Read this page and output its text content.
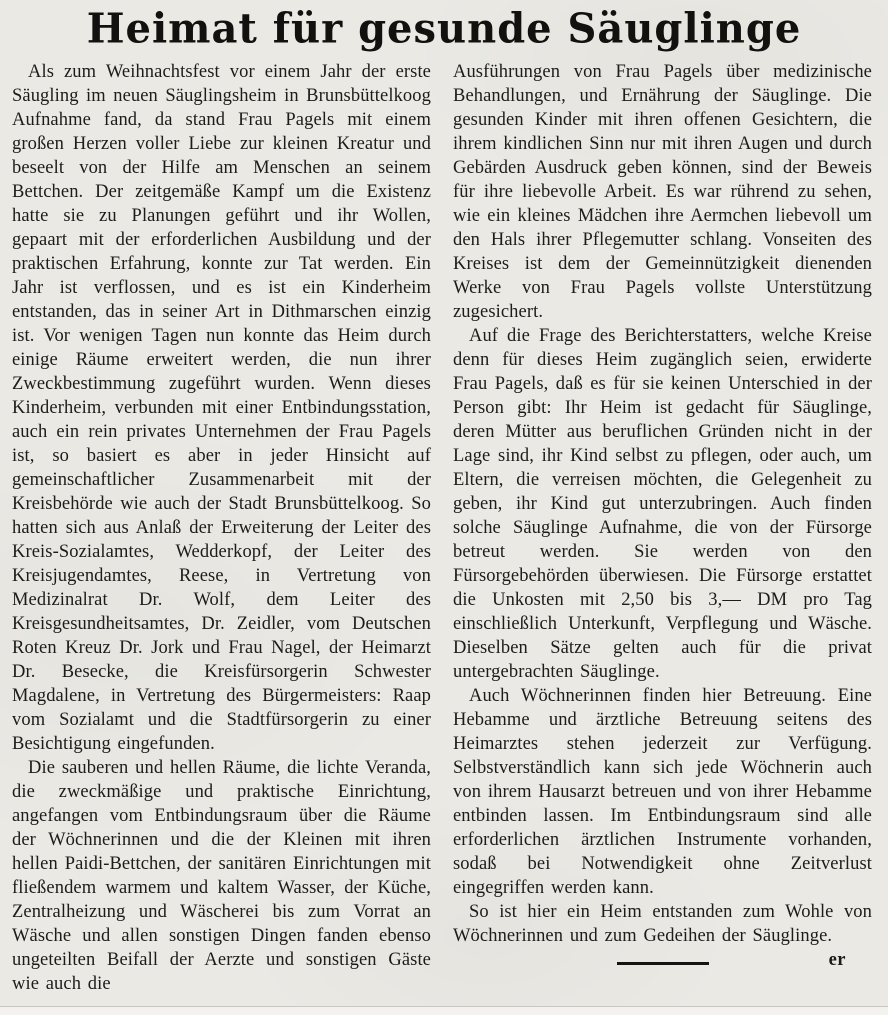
Heimat für gesunde Säuglinge

Als zum Weihnachtsfest vor einem Jahr der erste Säugling im neuen Säuglingsheim in Brunsbüttelkoog Aufnahme fand, da stand Frau Pagels mit einem großen Herzen voller Liebe zur kleinen Kreatur und beseelt von der Hilfe am Menschen an seinem Bettchen. Der zeitgemäße Kampf um die Existenz hatte sie zu Planungen geführt und ihr Wollen, gepaart mit der erforderlichen Ausbildung und der praktischen Erfahrung, konnte zur Tat werden. Ein Jahr ist verflossen, und es ist ein Kinderheim entstanden, das in seiner Art in Dithmarschen einzig ist. Vor wenigen Tagen nun konnte das Heim durch einige Räume erweitert werden, die nun ihrer Zweckbestimmung zugeführt wurden. Wenn dieses Kinderheim, verbunden mit einer Entbindungsstation, auch ein rein privates Unternehmen der Frau Pagels ist, so basiert es aber in jeder Hinsicht auf gemeinschaftlicher Zusammenarbeit mit der Kreisbehörde wie auch der Stadt Brunsbüttelkoog. So hatten sich aus Anlaß der Erweiterung der Leiter des Kreis-Sozialamtes, Wedderkopf, der Leiter des Kreisjugendamtes, Reese, in Vertretung von Medizinalrat Dr. Wolf, dem Leiter des Kreisgesundheitsamtes, Dr. Zeidler, vom Deutschen Roten Kreuz Dr. Jork und Frau Nagel, der Heimarzt Dr. Besecke, die Kreisfürsorgerin Schwester Magdalene, in Vertretung des Bürgermeisters: Raap vom Sozialamt und die Stadtfürsorgerin zu einer Besichtigung eingefunden.

Die sauberen und hellen Räume, die lichte Veranda, die zweckmäßige und praktische Einrichtung, angefangen vom Entbindungsraum über die Räume der Wöchnerinnen und die der Kleinen mit ihren hellen Paidi-Bettchen, der sanitären Einrichtungen mit fließendem warmem und kaltem Wasser, der Küche, Zentralheizung und Wäscherei bis zum Vorrat an Wäsche und allen sonstigen Dingen fanden ebenso ungeteilten Beifall der Aerzte und sonstigen Gäste wie auch die

Ausführungen von Frau Pagels über medizinische Behandlungen, und Ernährung der Säuglinge. Die gesunden Kinder mit ihren offenen Gesichtern, die ihrem kindlichen Sinn nur mit ihren Augen und durch Gebärden Ausdruck geben können, sind der Beweis für ihre liebevolle Arbeit. Es war rührend zu sehen, wie ein kleines Mädchen ihre Aermchen liebevoll um den Hals ihrer Pflegemutter schlang. Vonseiten des Kreises ist dem der Gemeinnützigkeit dienenden Werke von Frau Pagels vollste Unterstützung zugesichert.

Auf die Frage des Berichterstatters, welche Kreise denn für dieses Heim zugänglich seien, erwiderte Frau Pagels, daß es für sie keinen Unterschied in der Person gibt: Ihr Heim ist gedacht für Säuglinge, deren Mütter aus beruflichen Gründen nicht in der Lage sind, ihr Kind selbst zu pflegen, oder auch, um Eltern, die verreisen möchten, die Gelegenheit zu geben, ihr Kind gut unterzubringen. Auch finden solche Säuglinge Aufnahme, die von der Fürsorge betreut werden. Sie werden von den Fürsorgebehörden überwiesen. Die Fürsorge erstattet die Unkosten mit 2,50 bis 3,— DM pro Tag einschließlich Unterkunft, Verpflegung und Wäsche. Dieselben Sätze gelten auch für die privat untergebrachten Säuglinge.

Auch Wöchnerinnen finden hier Betreuung. Eine Hebamme und ärztliche Betreuung seitens des Heimarztes stehen jederzeit zur Verfügung. Selbstverständlich kann sich jede Wöchnerin auch von ihrem Hausarzt betreuen und von ihrer Hebamme entbinden lassen. Im Entbindungsraum sind alle erforderlichen ärztlichen Instrumente vorhanden, sodaß bei Notwendigkeit ohne Zeitverlust eingegriffen werden kann.

So ist hier ein Heim entstanden zum Wohle von Wöchnerinnen und zum Gedeihen der Säuglinge.
er
